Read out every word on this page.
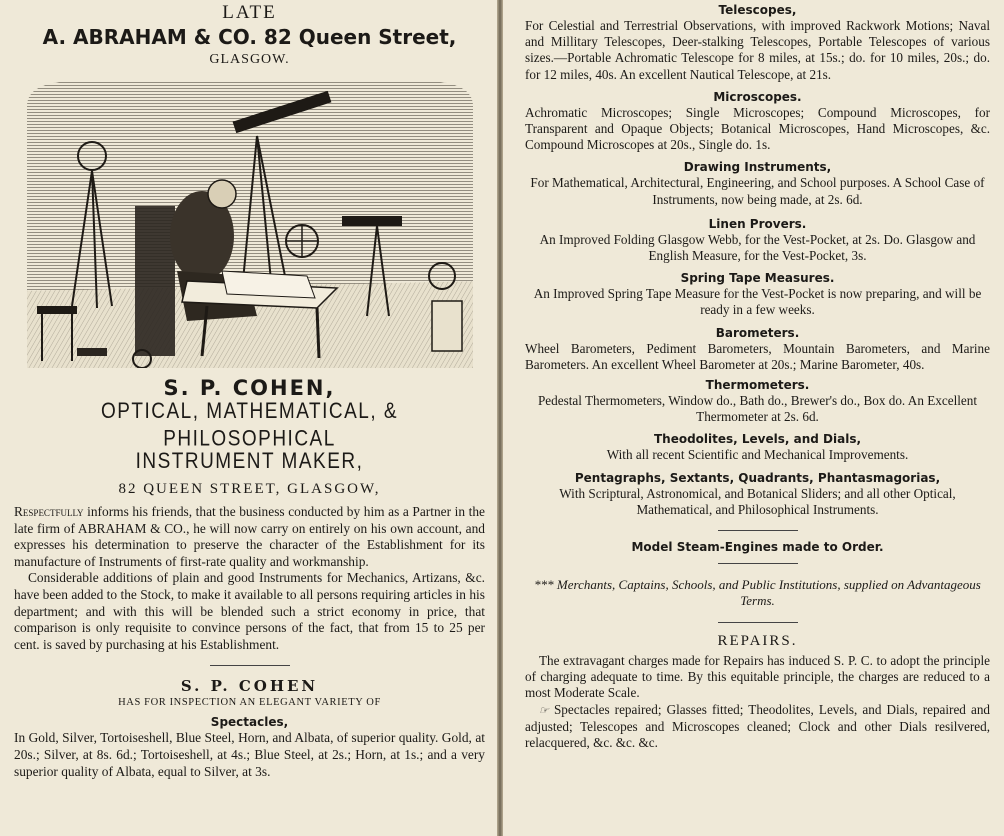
LATE
A. ABRAHAM & CO. 82 Queen Street,
GLASGOW.
S. P. COHEN,
OPTICAL, MATHEMATICAL, & PHILOSOPHICAL
INSTRUMENT MAKER,
82 QUEEN STREET, GLASGOW,

Respectfully informs his friends, that the business conducted by him as a Partner in the late firm of ABRAHAM & CO., he will now carry on entirely on his own account, and expresses his determination to preserve the character of the Establishment for its manufacture of Instruments of first-rate quality and workmanship.

Considerable additions of plain and good Instruments for Mechanics, Artizans, &c. have been added to the Stock, to make it available to all persons requiring articles in his department; and with this will be blended such a strict economy in price, that comparison is only requisite to convince persons of the fact, that from 15 to 25 per cent. is saved by purchasing at his Establishment.

S. P. COHEN
HAS FOR INSPECTION AN ELEGANT VARIETY OF
Spectacles,

In Gold, Silver, Tortoiseshell, Blue Steel, Horn, and Albata, of superior quality. Gold, at 20s.; Silver, at 8s. 6d.; Tortoiseshell, at 4s.; Blue Steel, at 2s.; Horn, at 1s.; and a very superior quality of Albata, equal to Silver, at 3s.

Telescopes,

For Celestial and Terrestrial Observations, with improved Rackwork Motions; Naval and Millitary Telescopes, Deer-stalking Telescopes, Portable Telescopes of various sizes.—Portable Achromatic Telescope for 8 miles, at 15s.; do. for 10 miles, 20s.; do. for 12 miles, 40s. An excellent Nautical Telescope, at 21s.

Microscopes.

Achromatic Microscopes; Single Microscopes; Compound Microscopes, for Transparent and Opaque Objects; Botanical Microscopes, Hand Microscopes, &c. Compound Microscopes at 20s., Single do. 1s.

Drawing Instruments,

For Mathematical, Architectural, Engineering, and School purposes. A School Case of Instruments, now being made, at 2s. 6d.

Linen Provers.

An Improved Folding Glasgow Webb, for the Vest-Pocket, at 2s. Do. Glasgow and English Measure, for the Vest-Pocket, 3s.

Spring Tape Measures.

An Improved Spring Tape Measure for the Vest-Pocket is now preparing, and will be ready in a few weeks.

Barometers.

Wheel Barometers, Pediment Barometers, Mountain Barometers, and Marine Barometers. An excellent Wheel Barometer at 20s.; Marine Barometer, 40s.

Thermometers.

Pedestal Thermometers, Window do., Bath do., Brewer's do., Box do. An Excellent Thermometer at 2s. 6d.

Theodolites, Levels, and Dials,

With all recent Scientific and Mechanical Improvements.

Pentagraphs, Sextants, Quadrants, Phantasmagorias,

With Scriptural, Astronomical, and Botanical Sliders; and all other Optical, Mathematical, and Philosophical Instruments.

Model Steam-Engines made to Order.

*** Merchants, Captains, Schools, and Public Institutions, supplied on Advantageous Terms.

REPAIRS.

The extravagant charges made for Repairs has induced S. P. C. to adopt the principle of charging adequate to time. By this equitable principle, the charges are reduced to a most Moderate Scale.

☞ Spectacles repaired; Glasses fitted; Theodolites, Levels, and Dials, repaired and adjusted; Telescopes and Microscopes cleaned; Clock and other Dials resilvered, relacquered, &c. &c. &c.
